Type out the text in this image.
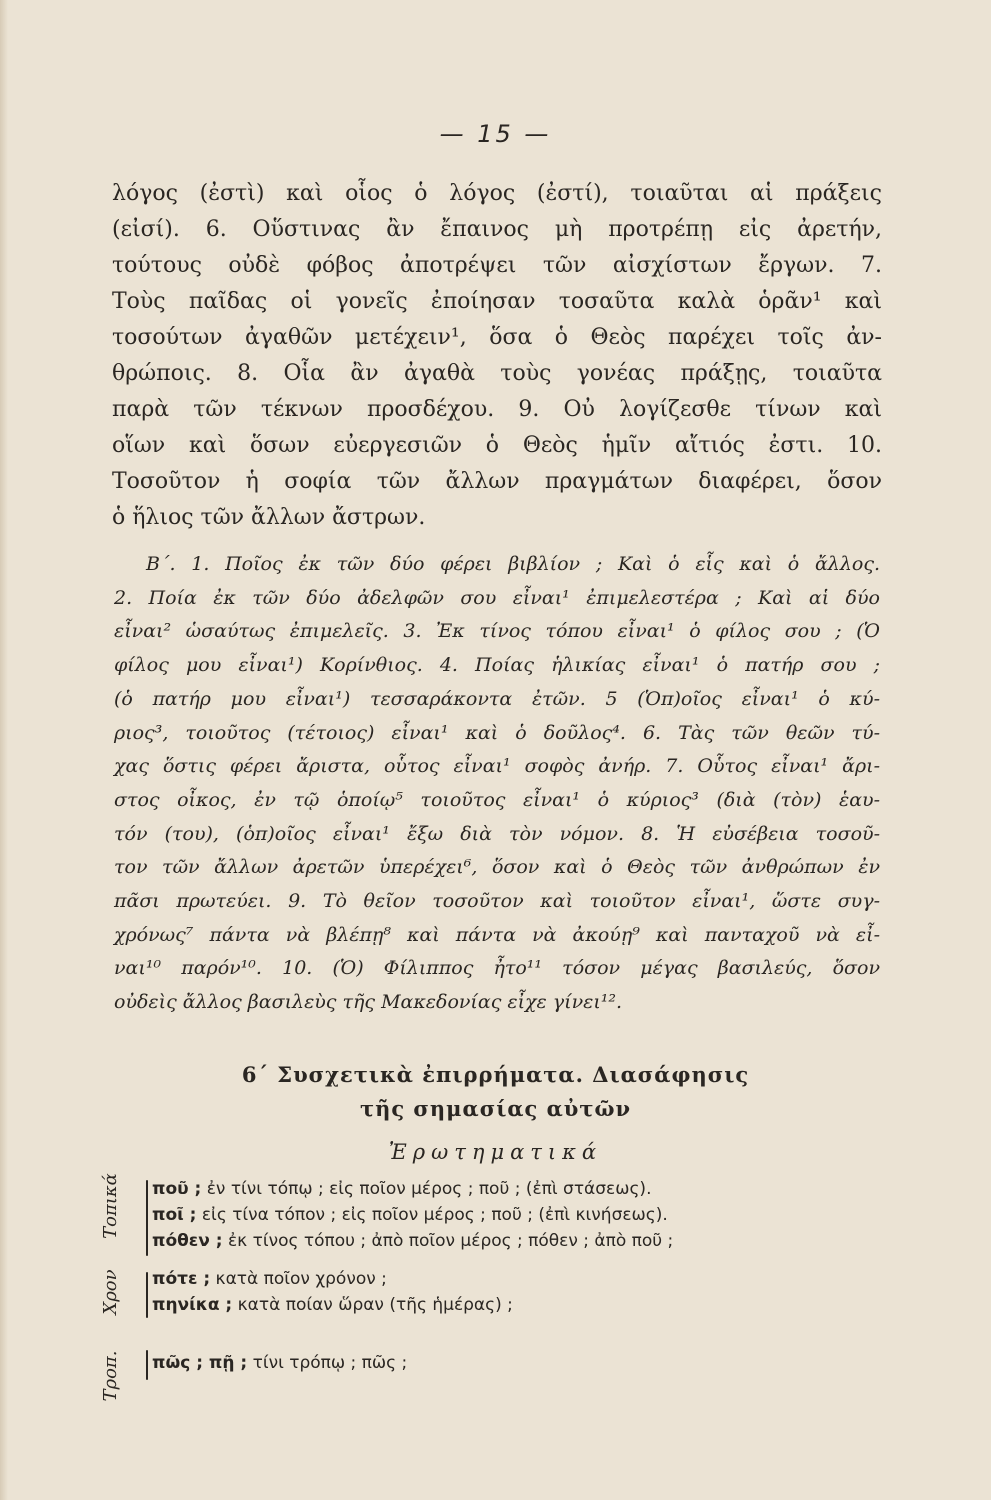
— 15 —
λόγος (ἐστὶ) καὶ οἷος ὁ λόγος (ἐστί), τοιαῦται αἱ πράξεις
(εἰσί). 6. Οὕστινας ἂν ἔπαινος μὴ προτρέπῃ εἰς ἀρετήν,
τούτους οὐδὲ φόβος ἀποτρέψει τῶν αἰσχίστων ἔργων. 7.
Τοὺς παῖδας οἱ γονεῖς ἐποίησαν τοσαῦτα καλὰ ὁρᾶν¹ καὶ
τοσούτων ἀγαθῶν μετέχειν¹, ὅσα ὁ Θεὸς παρέχει τοῖς ἀν-
θρώποις. 8. Οἷα ἂν ἀγαθὰ τοὺς γονέας πράξῃς, τοιαῦτα
παρὰ τῶν τέκνων προσδέχου. 9. Οὐ λογίζεσθε τίνων καὶ
οἵων καὶ ὅσων εὐεργεσιῶν ὁ Θεὸς ἡμῖν αἴτιός ἐστι. 10.
Τοσοῦτον ἡ σοφία τῶν ἄλλων πραγμάτων διαφέρει, ὅσον
ὁ ἥλιος τῶν ἄλλων ἄστρων.
Β΄. 1. Ποῖος ἐκ τῶν δύο φέρει βιβλίον ; Καὶ ὁ εἷς καὶ ὁ ἄλλος.
2. Ποία ἐκ τῶν δύο ἀδελφῶν σου εἶναι¹ ἐπιμελεστέρα ; Καὶ αἱ δύο
εἶναι² ὡσαύτως ἐπιμελεῖς. 3. Ἐκ τίνος τόπου εἶναι¹ ὁ φίλος σου ; (Ὁ
φίλος μου εἶναι¹) Κορίνθιος. 4. Ποίας ἡλικίας εἶναι¹ ὁ πατήρ σου ;
(ὁ πατήρ μου εἶναι¹) τεσσαράκοντα ἐτῶν. 5 (Ὁπ)οῖος εἶναι¹ ὁ κύ-
ριος³, τοιοῦτος (τέτοιος) εἶναι¹ καὶ ὁ δοῦλος⁴. 6. Τὰς τῶν θεῶν τύ-
χας ὅστις φέρει ἄριστα, οὗτος εἶναι¹ σοφὸς ἀνήρ. 7. Οὗτος εἶναι¹ ἄρι-
στος οἶκος, ἐν τῷ ὁποίῳ⁵ τοιοῦτος εἶναι¹ ὁ κύριος³ (διὰ (τὸν) ἑαυ-
τόν (του), (ὁπ)οῖος εἶναι¹ ἔξω διὰ τὸν νόμον. 8. Ἡ εὐσέβεια τοσοῦ-
τον τῶν ἄλλων ἀρετῶν ὑπερέχει⁶, ὅσον καὶ ὁ Θεὸς τῶν ἀνθρώπων ἐν
πᾶσι πρωτεύει. 9. Τὸ θεῖον τοσοῦτον καὶ τοιοῦτον εἶναι¹, ὥστε συγ-
χρόνως⁷ πάντα νὰ βλέπῃ⁸ καὶ πάντα νὰ ἀκούῃ⁹ καὶ πανταχοῦ νὰ εἶ-
ναι¹⁰ παρόν¹⁰. 10. (Ὁ) Φίλιππος ἦτο¹¹ τόσον μέγας βασιλεύς, ὅσον
οὐδεὶς ἄλλος βασιλεὺς τῆς Μακεδονίας εἶχε γίνει¹².
6΄ Συσχετικὰ ἐπιρρήματα. Διασάφησις
τῆς σημασίας αὐτῶν
Ἐρωτηματικά
Τοπικά ποῦ ; ἐν τίνι τόπῳ ; εἰς ποῖον μέρος ; ποῦ ; (ἐπὶ στάσεως).
ποῖ ; εἰς τίνα τόπον ; εἰς ποῖον μέρος ; ποῦ ; (ἐπὶ κινήσεως).
πόθεν ; ἐκ τίνος τόπου ; ἀπὸ ποῖον μέρος ; πόθεν ; ἀπὸ ποῦ ;
Χρον πότε ; κατὰ ποῖον χρόνον ;
πηνίκα ; κατὰ ποίαν ὥραν (τῆς ἡμέρας) ;
Τροπ. πῶς ; πῇ ; τίνι τρόπῳ ; πῶς ;
